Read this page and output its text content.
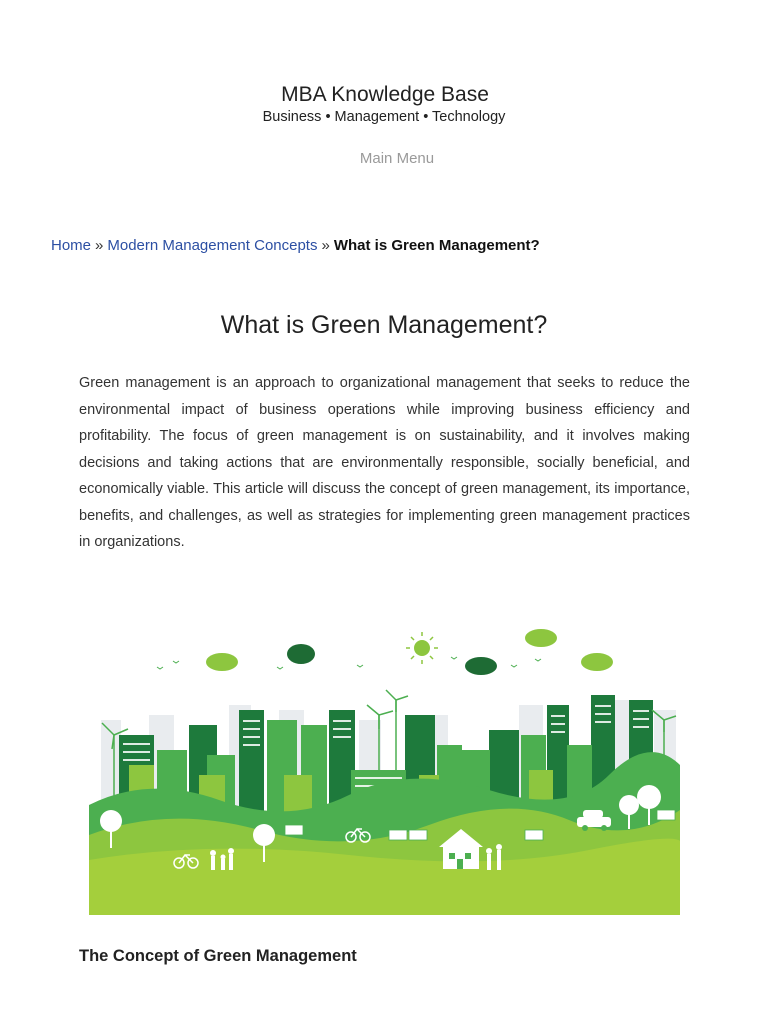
MBA Knowledge Base
Business • Management • Technology
Main Menu
Home » Modern Management Concepts » What is Green Management?
What is Green Management?

Green management is an approach to organizational management that seeks to reduce the environmental impact of business operations while improving business efficiency and profitability. The focus of green management is on sustainability, and it involves making decisions and taking actions that are environmentally responsible, socially beneficial, and economically viable. This article will discuss the concept of green management, its importance, benefits, and challenges, as well as strategies for implementing green management practices in organizations.

The Concept of Green Management
